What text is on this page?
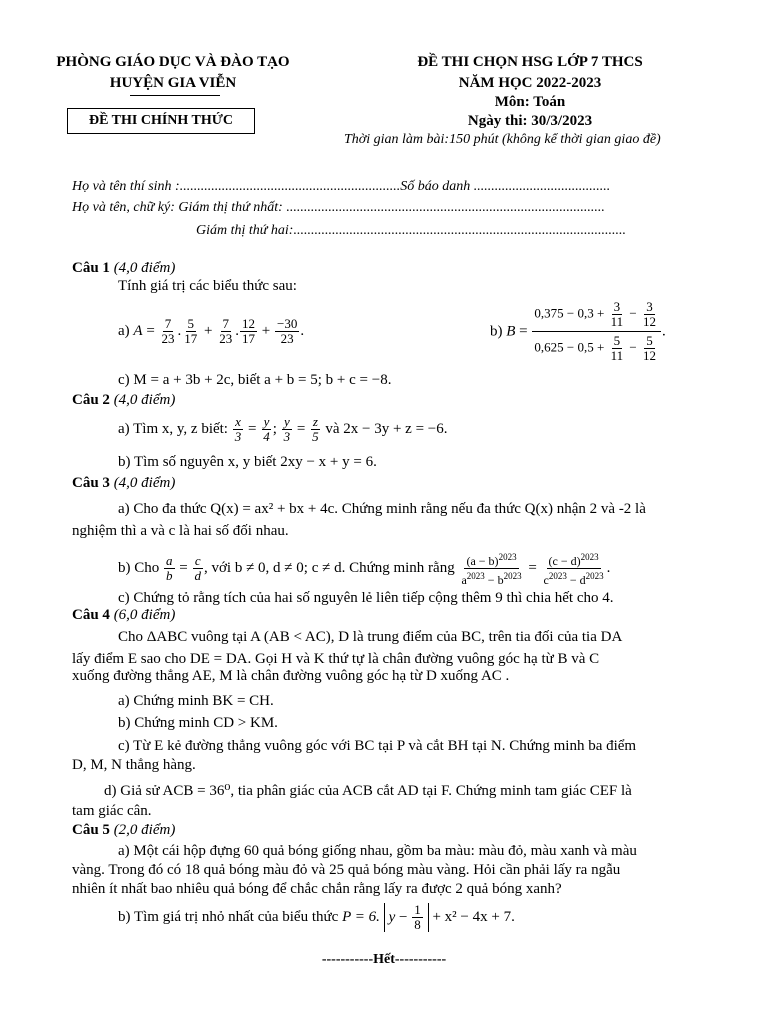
PHÒNG GIÁO DỤC VÀ ĐÀO TẠO
HUYỆN GIA VIỄN
ĐỀ THI CHÍNH THỨC
ĐỀ THI CHỌN HSG LỚP 7 THCS
NĂM HỌC 2022-2023
Môn: Toán
Ngày thi: 30/3/2023
Thời gian làm bài:150 phút (không kể thời gian giao đề)
Họ và tên thí sinh :...............................................................Số báo danh .......................................
Họ và tên, chữ ký: Giám thị thứ nhất: ...........................................................................................
Giám thị thứ hai:...............................................................................................
Câu 1 (4,0 điểm)
Tính giá trị các biểu thức sau:
a) $A = \frac{7}{23}$ . $\frac{5}{17} + \frac{7}{23}$ . $\frac{12}{17} + \frac{-30}{23}$ .	b) $B = \frac{0,375 - 0,3 + \frac{3}{11} - \frac{3}{12}}{0,625 - 0,5 + \frac{5}{11} - \frac{5}{12}}$ .
c) M = a + 3b + 2c, biết a + b = 5; b + c = −8.
Câu 2 (4,0 điểm)
a) Tìm x, y, z biết: $\frac{x}{3} = \frac{y}{4}$ ; $\frac{y}{3} = \frac{z}{5}$ và 2x − 3y + z = −6.
b) Tìm số nguyên x, y biết 2xy − x + y = 6.
Câu 3 (4,0 điểm)
a) Cho đa thức Q(x) = ax² + bx + 4c. Chứng minh rằng nếu đa thức Q(x) nhận 2 và -2 là
nghiệm thì a và c là hai số đối nhau.
b) Cho $\frac{a}{b} = \frac{c}{d}$ , với b ≠ 0, d ≠ 0; c ≠ d. Chứng minh rằng $\frac{(a - b)^{2023}}{a^{2023} - b^{2023}} = \frac{(c - d)^{2023}}{c^{2023} - d^{2023}}$ .
c) Chứng tỏ rằng tích của hai số nguyên lẻ liên tiếp cộng thêm 9 thì chia hết cho 4.
Câu 4 (6,0 điểm)
Cho ΔABC vuông tại A (AB < AC), D là trung điểm của BC, trên tia đối của tia DA
lấy điểm E sao cho DE = DA. Gọi H và K thứ tự là chân đường vuông góc hạ từ B và C
xuống đường thẳng AE, M là chân đường vuông góc hạ từ D xuống AC .
a) Chứng minh BK = CH.
b) Chứng minh CD > KM.
c) Từ E kẻ đường thẳng vuông góc với BC tại P và cắt BH tại N. Chứng minh ba điểm
D, M, N thẳng hàng.
d) Giả sử ACB = 36⁰, tia phân giác của ACB cắt AD tại F. Chứng minh tam giác CEF là
tam giác cân.
Câu 5 (2,0 điểm)
a) Một cái hộp đựng 60 quả bóng giống nhau, gồm ba màu: màu đỏ, màu xanh và màu
vàng. Trong đó có 18 quả bóng màu đỏ và 25 quả bóng màu vàng. Hỏi cần phải lấy ra ngẫu
nhiên ít nhất bao nhiêu quả bóng để chắc chắn rằng lấy ra được 2 quả bóng xanh?
b) Tìm giá trị nhỏ nhất của biểu thức P = 6. $y - \frac{1}{8} + x^2 - 4x + 7$.
-----------Hết-----------
